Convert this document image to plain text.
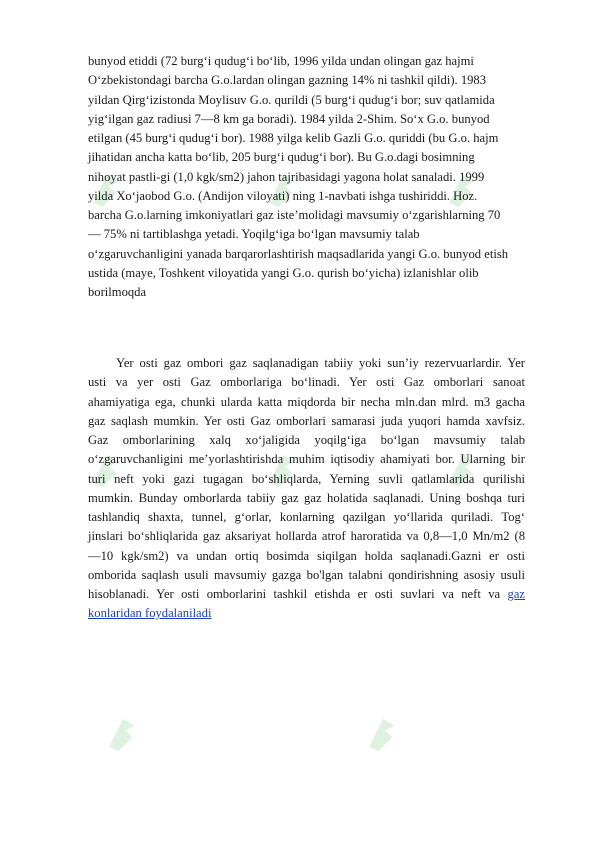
bunyod etiddi (72 burg‘i qudug‘i bo‘lib, 1996 yilda undan olingan gaz hajmi
O‘zbekistondagi barcha G.o.lardan olingan gazning 14% ni tashkil qildi). 1983
yildan Qirg‘izistonda Moylisuv G.o. qurildi (5 burg‘i qudug‘i bor; suv qatlamida
yig‘ilgan gaz radiusi 7—8 km ga boradi). 1984 yilda 2-Shim. So‘x G.o. bunyod
etilgan (45 burg‘i qudug‘i bor). 1988 yilga kelib Gazli G.o. quriddi (bu G.o. hajm
jihatidan ancha katta bo‘lib, 205 burg‘i qudug‘i bor). Bu G.o.dagi bosimning
nihoyat pastli-gi (1,0 kgk/sm2) jahon tajribasidagi yagona holat sanaladi. 1999
yilda Xo‘jaobod G.o. (Andijon viloyati) ning 1-navbati ishga tushiriddi. Hoz.
barcha G.o.larning imkoniyatlari gaz iste’molidagi mavsumiy o‘zgarishlarning 70
— 75% ni tartiblashga yetadi. Yoqilg‘iga bo‘lgan mavsumiy talab
o‘zgaruvchanligini yanada barqarorlashtirish maqsadlarida yangi G.o. bunyod etish
ustida (maye, Toshkent viloyatida yangi G.o. qurish bo‘yicha) izlanishlar olib
borilmoqda

Yer osti gaz ombori gaz saqlanadigan tabiiy yoki sun’iy rezervuarlardir. Yer
usti va yer osti Gaz omborlariga bo‘linadi. Yer osti Gaz omborlari sanoat
ahamiyatiga ega, chunki ularda katta miqdorda bir necha mln.dan mlrd. m3 gacha
gaz saqlash mumkin. Yer osti Gaz omborlari samarasi juda yuqori hamda xavfsiz.
Gaz omborlarining xalq xo‘jaligida yoqilg‘iga bo‘lgan mavsumiy talab
o‘zgaruvchanligini me’yorlashtirishda muhim iqtisodiy ahamiyati bor. Ularning bir
turi neft yoki gazi tugagan bo‘shliqlarda, Yerning suvli qatlamlarida qurilishi
mumkin. Bunday omborlarda tabiiy gaz gaz holatida saqlanadi. Uning boshqa turi
tashlandiq shaxta, tunnel, g‘orlar, konlarning qazilgan yo‘llarida quriladi. Tog‘
jinslari bo‘shliqlarida gaz aksariyat hollarda atrof haroratida va 0,8—1,0 Mn/m2 (8
—10 kgk/sm2) va undan ortiq bosimda siqilgan holda saqlanadi.Gazni er osti
omborida saqlash usuli mavsumiy gazga bo'lgan talabni qondirishning asosiy usuli
hisoblanadi. Yer osti omborlarini tashkil etishda er osti suvlari va neft va gaz
konlaridan foydalaniladi
